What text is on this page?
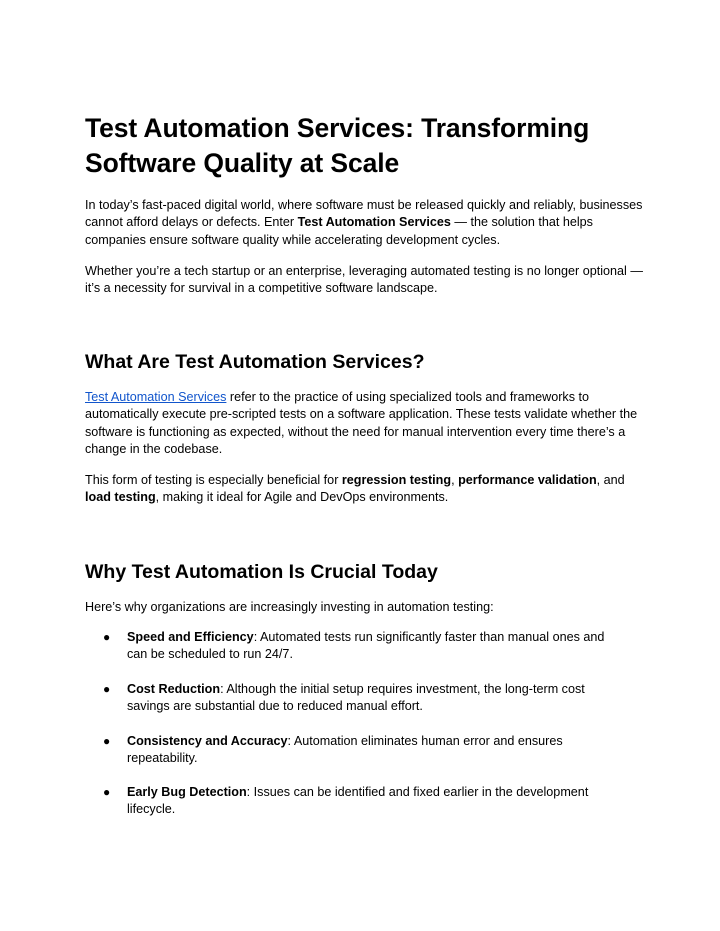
Test Automation Services: Transforming Software Quality at Scale

In today’s fast-paced digital world, where software must be released quickly and reliably, businesses cannot afford delays or defects. Enter Test Automation Services — the solution that helps companies ensure software quality while accelerating development cycles.

Whether you’re a tech startup or an enterprise, leveraging automated testing is no longer optional — it’s a necessity for survival in a competitive software landscape.

What Are Test Automation Services?

Test Automation Services refer to the practice of using specialized tools and frameworks to automatically execute pre-scripted tests on a software application. These tests validate whether the software is functioning as expected, without the need for manual intervention every time there’s a change in the codebase.

This form of testing is especially beneficial for regression testing, performance validation, and load testing, making it ideal for Agile and DevOps environments.

Why Test Automation Is Crucial Today

Here’s why organizations are increasingly investing in automation testing:

● Speed and Efficiency: Automated tests run significantly faster than manual ones and can be scheduled to run 24/7.
● Cost Reduction: Although the initial setup requires investment, the long-term cost savings are substantial due to reduced manual effort.
● Consistency and Accuracy: Automation eliminates human error and ensures repeatability.
● Early Bug Detection: Issues can be identified and fixed earlier in the development lifecycle.
